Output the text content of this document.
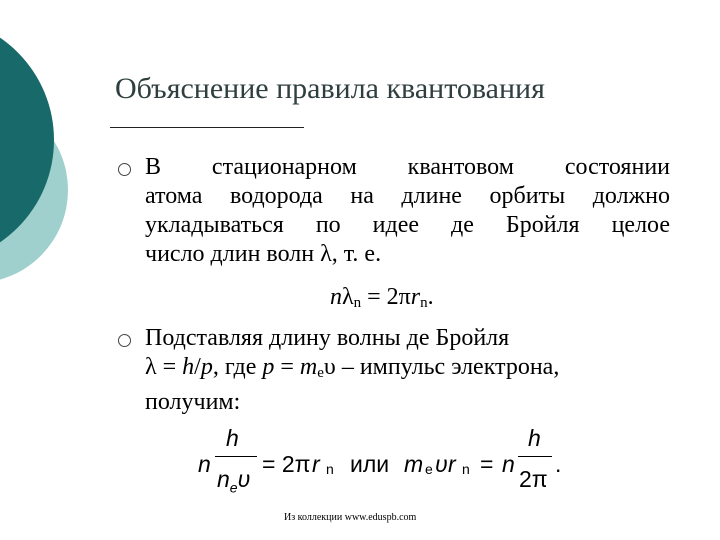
Объяснение правила квантования
В стационарном квантовом состоянии
атома водорода на длине орбиты должно
укладываться по идее де Бройля целое
число длин волн λ, т. е.
$n\lambda_n = 2\pi r_n$.
Подставляя длину волны де Бройля
λ = h/p, где $p = m_e\upsilon$ – импульс электрона,
получим:
n
h
$n_e\upsilon$
= 2π r n или m e υ r n = n
h
2π
.
Из коллекции www.eduspb.com
